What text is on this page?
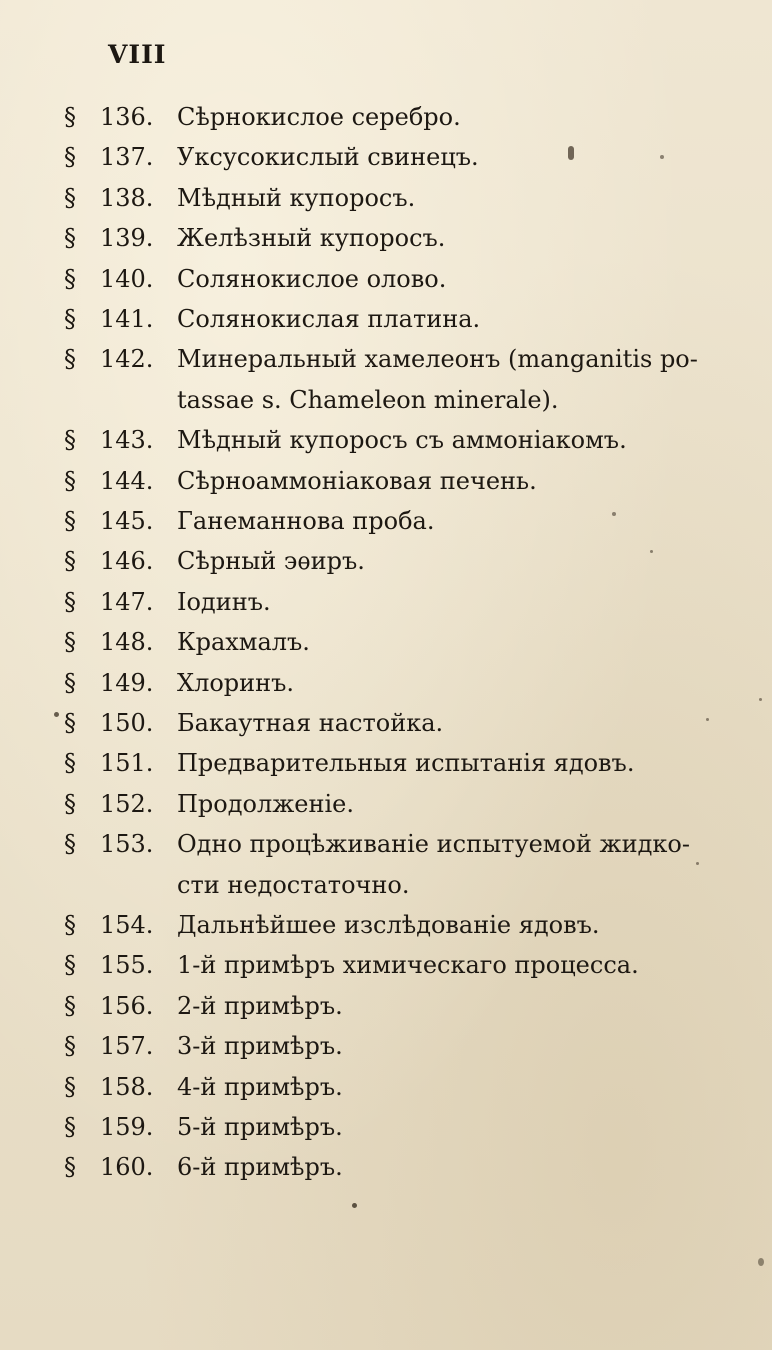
VIII
§	136. Сѣрнокислое серебро.
§	137. Уксусокислый свинецъ.
§	138. Мѣдный купоросъ.
§	139. Желѣзный купоросъ.
§	140. Солянокислое олово.
§	141. Солянокислая платина.
§	142. Минеральный хамелеонъ (manganitis po-
tassae s. Chameleon minerale).
§	143. Мѣдный купоросъ съ аммоніакомъ.
§	144. Сѣрноаммоніаковая печень.
§	145. Ганеманнова проба.
§	146. Сѣрный эѳиръ.
§	147. Іодинъ.
§	148. Крахмалъ.
§	149. Хлоринъ.
§	150. Бакаутная настойка.
§	151. Предварительныя испытанія ядовъ.
§	152. Продолженіе.
§	153. Одно процѣживаніе испытуемой жидко-
сти недостаточно.
§	154. Дальнѣйшее изслѣдованіе ядовъ.
§	155. 1-й примѣръ химическаго процесса.
§	156. 2-й примѣръ.
§	157. 3-й примѣръ.
§	158. 4-й примѣръ.
§	159. 5-й примѣръ.
§	160. 6-й примѣръ.
